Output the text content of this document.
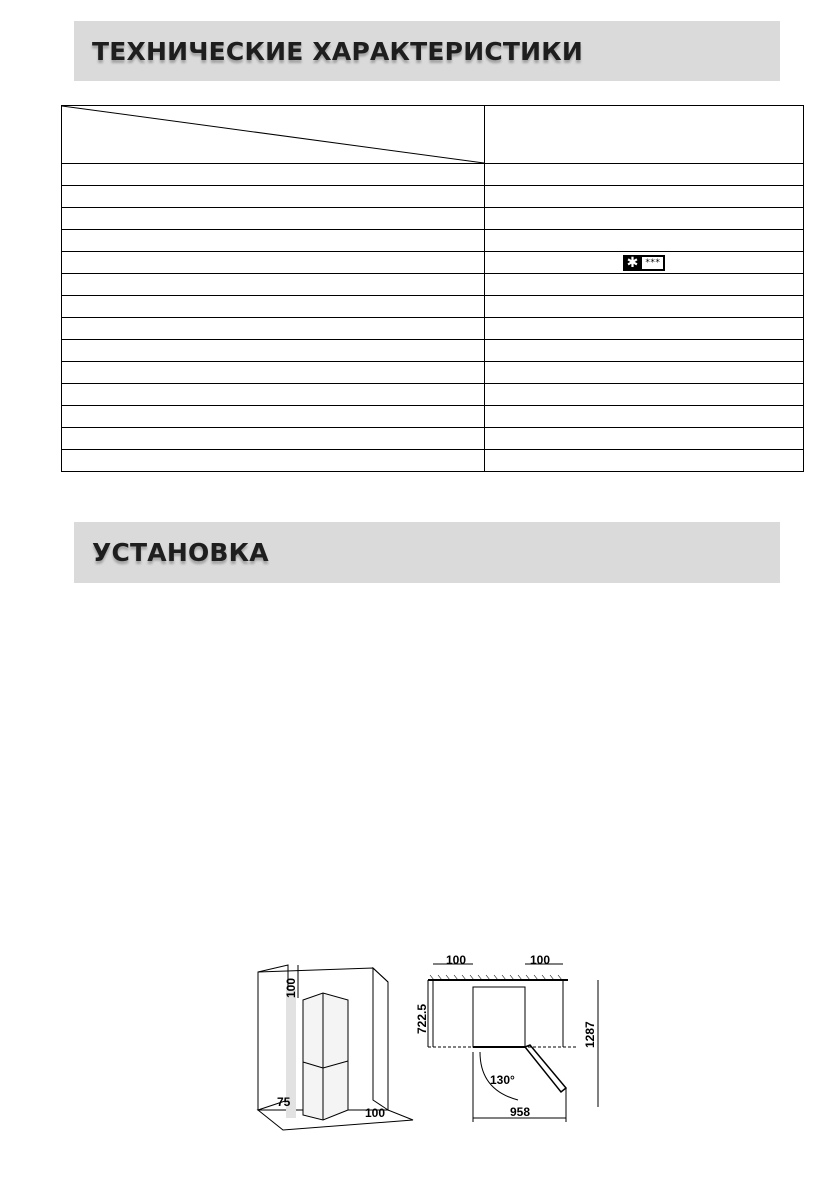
ТЕХНИЧЕСКИЕ ХАРАКТЕРИСТИКИ

	✱ ***

УСТАНОВКА
100
75
100
100	100
722.5
1287
130°
958
